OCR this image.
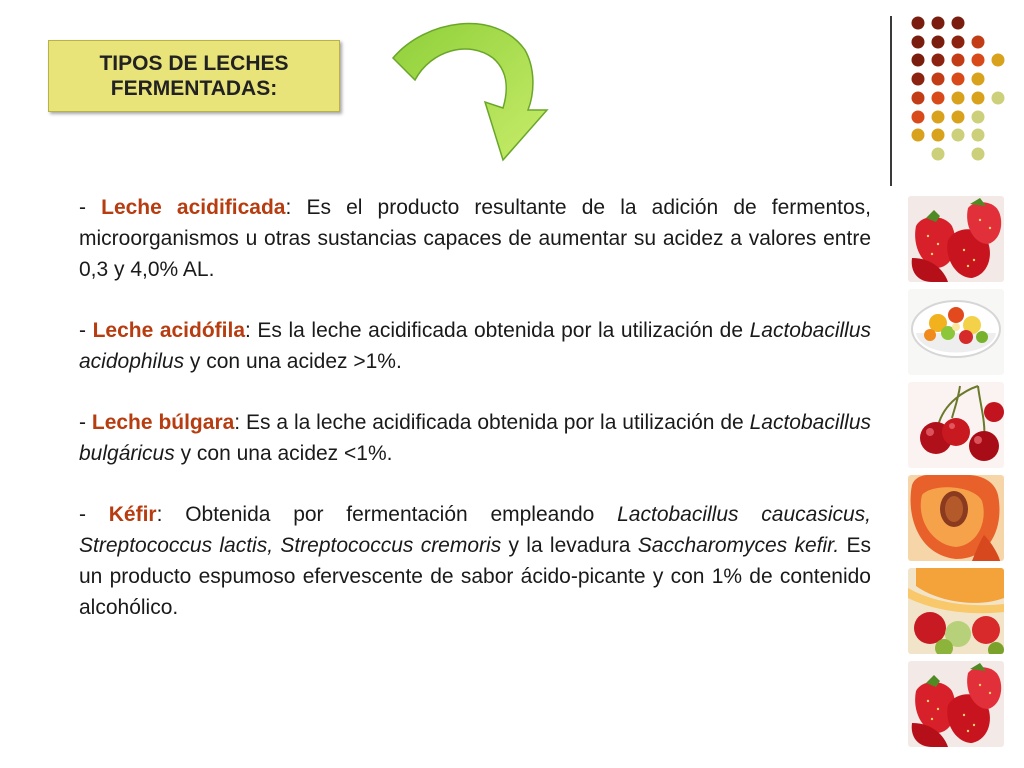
TIPOS DE LECHES
FERMENTADAS:

- Leche acidificada: Es el producto resultante de la adición de fermentos, microorganismos u otras sustancias capaces de aumentar su acidez a valores entre 0,3 y 4,0% AL.

- Leche acidófila: Es la leche acidificada obtenida por la utilización de Lactobacillus acidophilus y con una acidez >1%.

- Leche búlgara: Es a la leche acidificada obtenida por la utilización de Lactobacillus bulgáricus y con una acidez <1%.

- Kéfir: Obtenida por fermentación empleando Lactobacillus caucasicus, Streptococcus lactis, Streptococcus cremoris y la levadura Saccharomyces kefir. Es un producto espumoso efervescente de sabor ácido-picante y con 1% de contenido alcohólico.
